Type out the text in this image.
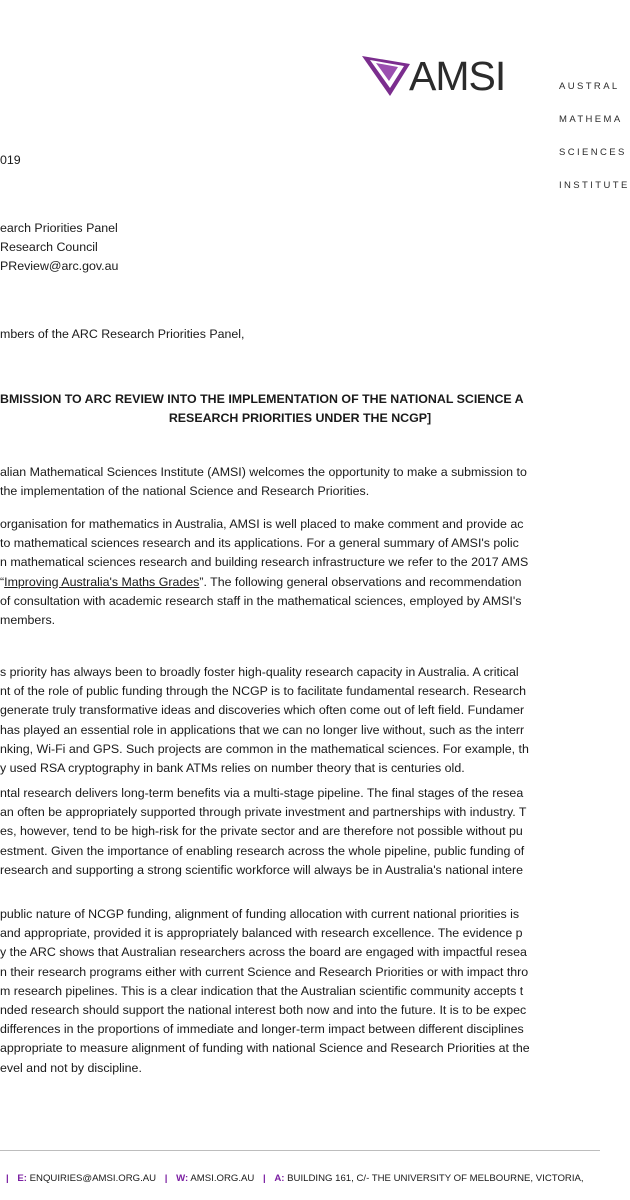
AMSI

	AUSTRAL

MATHEMA

SCIENCES

INSTITUTE

019
earch Priorities Panel
Research Council
PReview@arc.gov.au
mbers of the ARC Research Priorities Panel,
BMISSION TO ARC REVIEW INTO THE IMPLEMENTATION OF THE NATIONAL SCIENCE A
RESEARCH PRIORITIES UNDER THE NCGP]
alian Mathematical Sciences Institute (AMSI) welcomes the opportunity to make a submission to
the implementation of the national Science and Research Priorities.
organisation for mathematics in Australia, AMSI is well placed to make comment and provide ac
to mathematical sciences research and its applications. For a general summary of AMSI's polic
n mathematical sciences research and building research infrastructure we refer to the 2017 AMS
“Improving Australia's Maths Grades”. The following general observations and recommendation
of consultation with academic research staff in the mathematical sciences, employed by AMSI's
members.
s priority has always been to broadly foster high-quality research capacity in Australia. A critical
nt of the role of public funding through the NCGP is to facilitate fundamental research. Research
generate truly transformative ideas and discoveries which often come out of left field. Fundamer
has played an essential role in applications that we can no longer live without, such as the interr
nking, Wi-Fi and GPS. Such projects are common in the mathematical sciences. For example, th
y used RSA cryptography in bank ATMs relies on number theory that is centuries old.
ntal research delivers long-term benefits via a multi-stage pipeline. The final stages of the resea
an often be appropriately supported through private investment and partnerships with industry. T
es, however, tend to be high-risk for the private sector and are therefore not possible without pu
estment. Given the importance of enabling research across the whole pipeline, public funding of
research and supporting a strong scientific workforce will always be in Australia's national intere
public nature of NCGP funding, alignment of funding allocation with current national priorities is
and appropriate, provided it is appropriately balanced with research excellence. The evidence p
y the ARC shows that Australian researchers across the board are engaged with impactful resea
n their research programs either with current Science and Research Priorities or with impact thro
m research pipelines. This is a clear indication that the Australian scientific community accepts t
nded research should support the national interest both now and into the future. It is to be expec
differences in the proportions of immediate and longer-term impact between different disciplines
appropriate to measure alignment of funding with national Science and Research Priorities at the
evel and not by discipline.
| E: ENQUIRIES@AMSI.ORG.AU | W: AMSI.ORG.AU | A: BUILDING 161, C/- THE UNIVERSITY OF MELBOURNE, VICTORIA,
